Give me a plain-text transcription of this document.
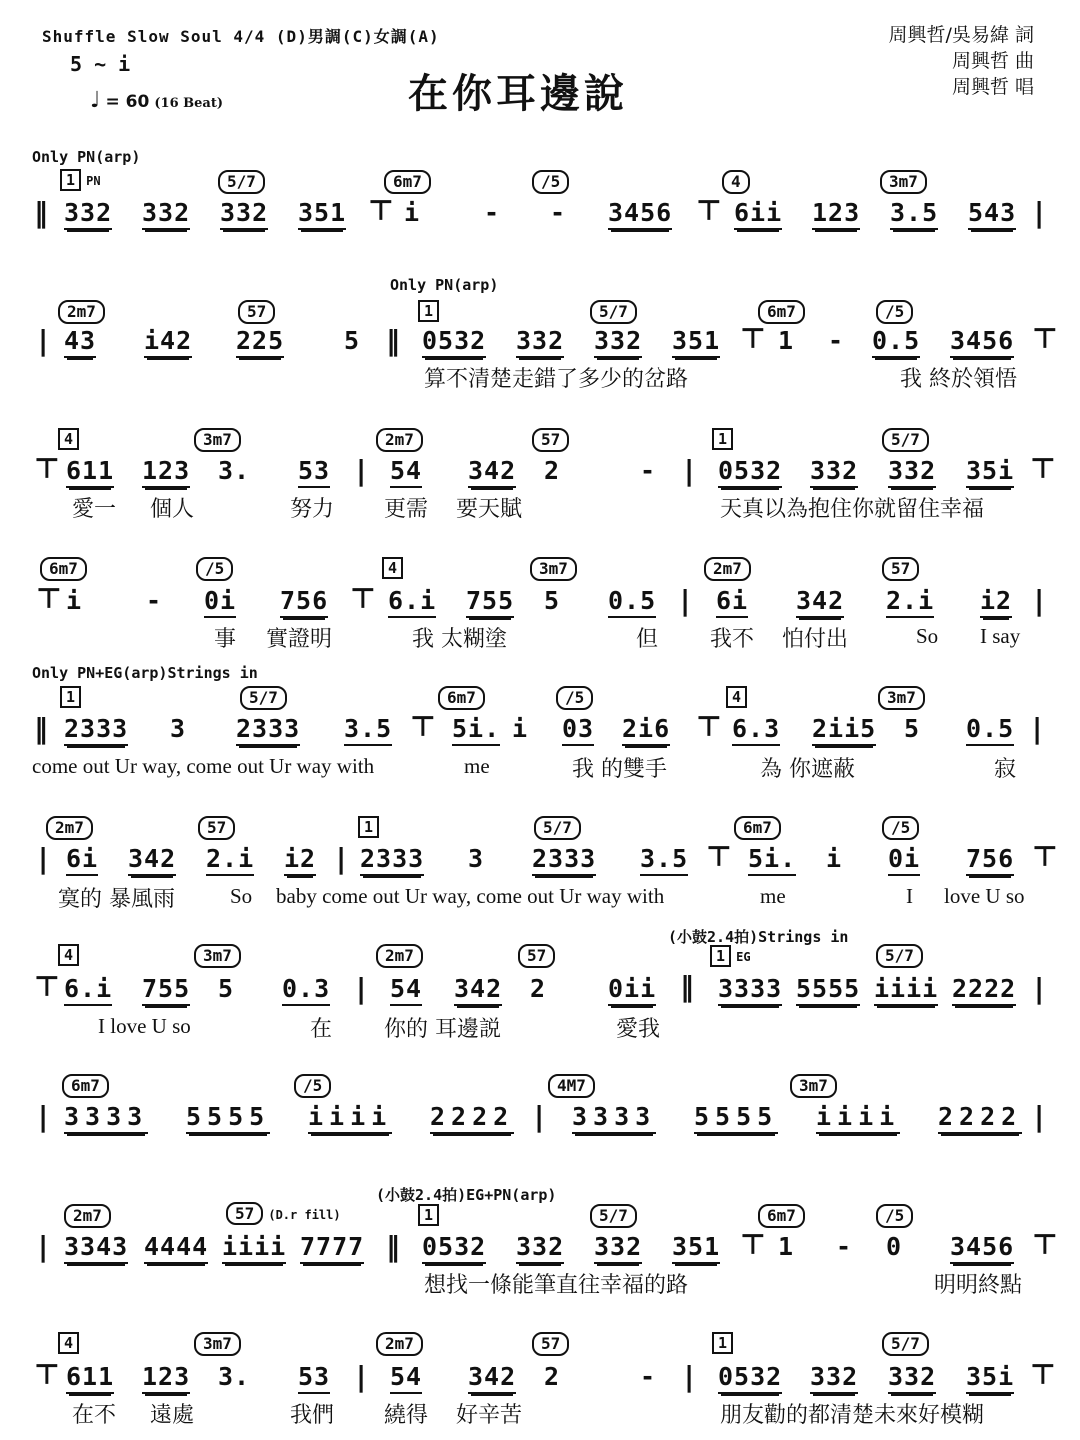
Shuffle Slow Soul 4/4 (D)男調(C)女調(A)
5 ~ i
♩ = 60 (16 Beat)	在你耳邊說
周興哲/吳易緯 詞
周興哲 曲
周興哲 唱
Only PN(arp)
1 PN	5/7	6m7	/5	4	3m7
‖ 332 332 332 351 ⊤ i	- - 3456 ⊤ 6ii 123 3.5 543 |
Only PN(arp)
2m7	57	1	5/7	6m7	/5
| 43 i42 225 5 ‖ 0532 332 332 351 ⊤ 1 - 0.5 3456 ⊤
算不清楚走錯了多少的岔路	我 終於領悟
4	3m7	2m7	57	1	5/7
⊤ 611 123 3. 53 | 54 342 2	- | 0532 332 332 35i ⊤
愛一 個人	努力 更需 要天賦	天真以為抱住你就留住幸福
6m7	/5	4	3m7	2m7	57
⊤ i	- 0i 756 ⊤ 6.i 755 5 0.5 | 6i 342 2.i i2 |
事 實證明	我 太糊塗	但 我不 怕付出	So I say
Only PN+EG(arp)Strings in
1	5/7	6m7	/5	4	3m7
‖ 2333 3 2333 3.5 ⊤ 5i. i 03 2i6 ⊤ 6.3 2ii5 5 0.5 |
come out Ur way, come out Ur way with	me	我 的雙手	為 你遮蔽	寂
2m7	57	1	5/7	6m7	/5
| 6i 342 2.i i2 | 2333 3 2333 3.5 ⊤ 5i. i 0i 756 ⊤
寞的 暴風雨	So baby come out Ur way, come out Ur way with	me	I love U so
(小鼓2.4拍)Strings in
4	3m7	2m7	57	1 EG	5/7
⊤ 6.i 755 5 0.3 | 54 342 2 0ii ‖ 3333 5555 iiii 2222 |
I love U so	在 你的 耳邊説	愛我
6m7	/5	4M7	3m7
| 3333 5555 iiii 2222 | 3333 5555 iiii 2222 |
(小鼓2.4拍)EG+PN(arp)
2m7	57 (D.r fill)	1	5/7	6m7	/5
| 3343 4444 iiii 7777 ‖ 0532 332 332 351 ⊤ 1 - 0 3456 ⊤
想找一條能筆直往幸福的路	明明終點
4	3m7	2m7	57	1	5/7
⊤ 611 123 3. 53 | 54 342 2	- | 0532 332 332 35i ⊤
在不 遠處	我們 繞得 好辛苦	朋友勸的都清楚未來好模糊
